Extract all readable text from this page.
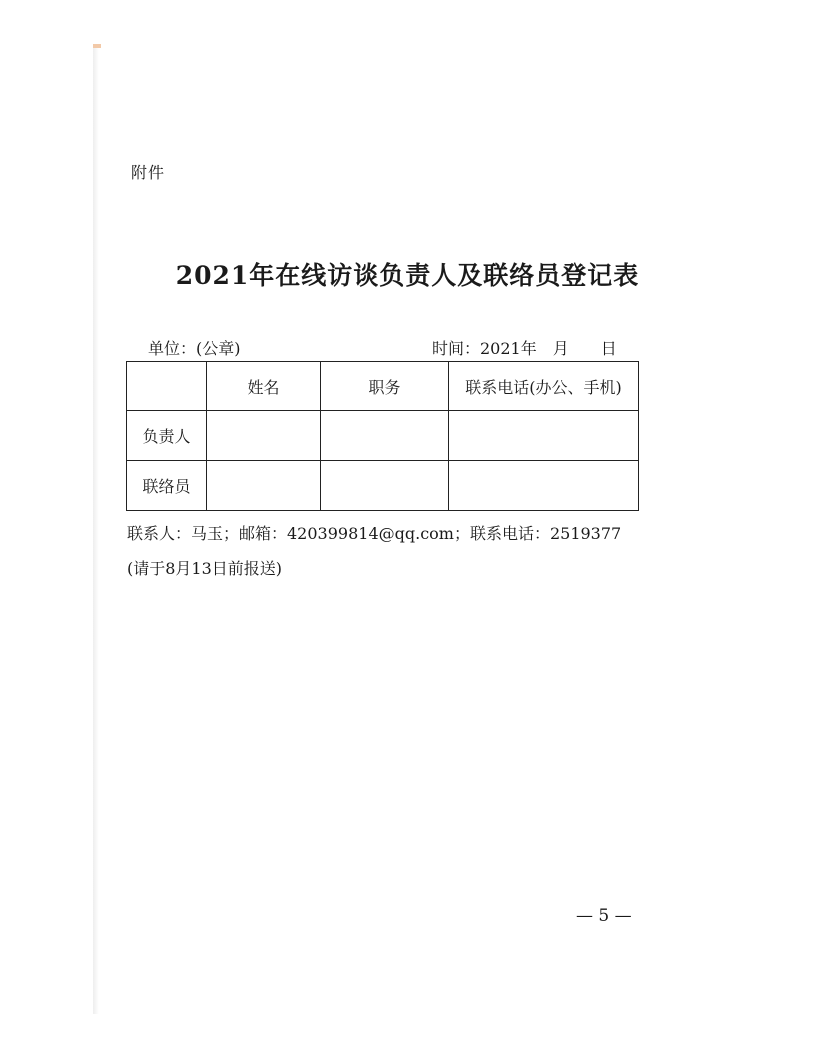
附件
2021年在线访谈负责人及联络员登记表
单位：(公章)	时间：2021年　月　　日
	姓名	职务	联系电话(办公、手机)
负责人			
联络员			
联系人：马玉；邮箱：420399814@qq.com；联系电话：2519377
(请于8月13日前报送)
— 5 —
